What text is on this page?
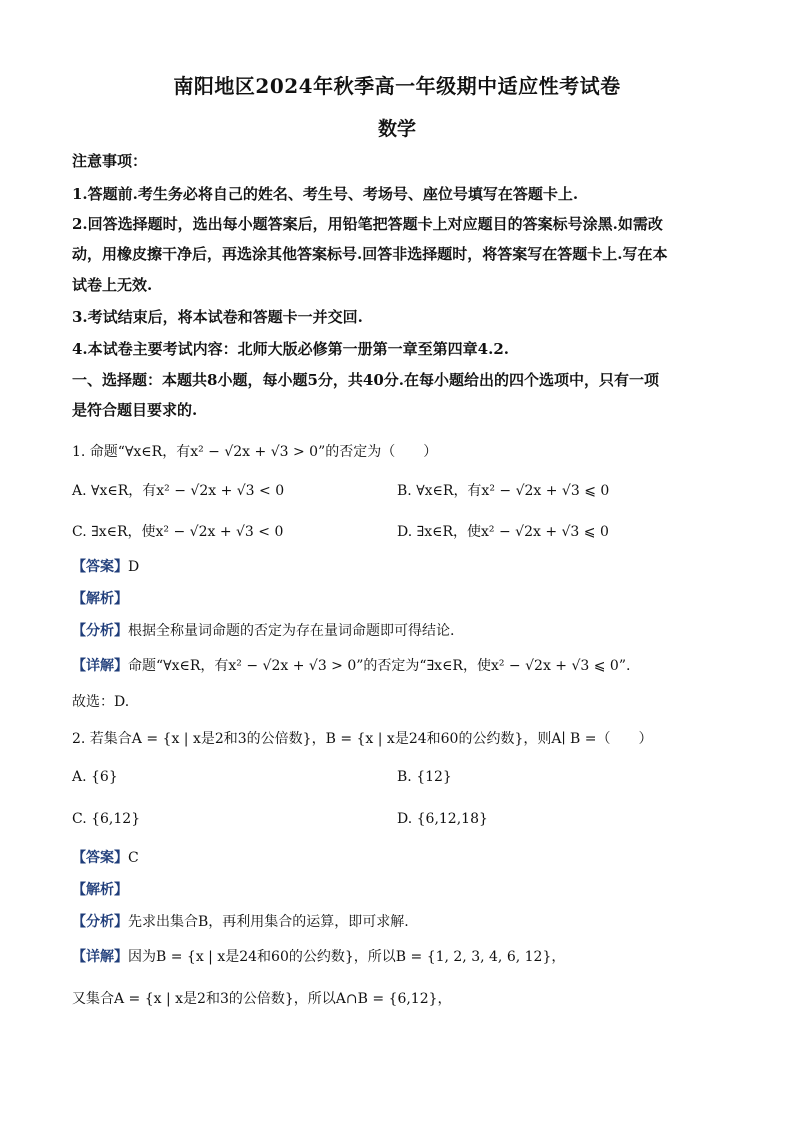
南阳地区2024年秋季高一年级期中适应性考试卷
数学
注意事项：
1.答题前.考生务必将自己的姓名、考生号、考场号、座位号填写在答题卡上.
2.回答选择题时，选出每小题答案后，用铅笔把答题卡上对应题目的答案标号涂黑.如需改
动，用橡皮擦干净后，再选涂其他答案标号.回答非选择题时，将答案写在答题卡上.写在本
试卷上无效.
3.考试结束后，将本试卷和答题卡一并交回.
4.本试卷主要考试内容：北师大版必修第一册第一章至第四章4.2.
一、选择题：本题共8小题，每小题5分，共40分.在每小题给出的四个选项中，只有一项
是符合题目要求的.
1. 命题“∀x∈R，有x² − √2x + √3 > 0”的否定为（　　）
A. ∀x∈R，有x² − √2x + √3 < 0	B. ∀x∈R，有x² − √2x + √3 ⩽ 0
C. ∃x∈R，使x² − √2x + √3 < 0	D. ∃x∈R，使x² − √2x + √3 ⩽ 0
【答案】D
【解析】
【分析】根据全称量词命题的否定为存在量词命题即可得结论.
【详解】命题“∀x∈R，有x² − √2x + √3 > 0”的否定为“∃x∈R，使x² − √2x + √3 ⩽ 0”.
故选：D.
2. 若集合A = {x | x是2和3的公倍数}，B = {x | x是24和60的公约数}，则A∣ B =（　　）
A. {6}	B. {12}
C. {6,12}	D. {6,12,18}
【答案】C
【解析】
【分析】先求出集合B，再利用集合的运算，即可求解.
【详解】因为B = {x | x是24和60的公约数}，所以B = {1, 2, 3, 4, 6, 12}，
又集合A = {x | x是2和3的公倍数}，所以A∩B = {6,12}，
